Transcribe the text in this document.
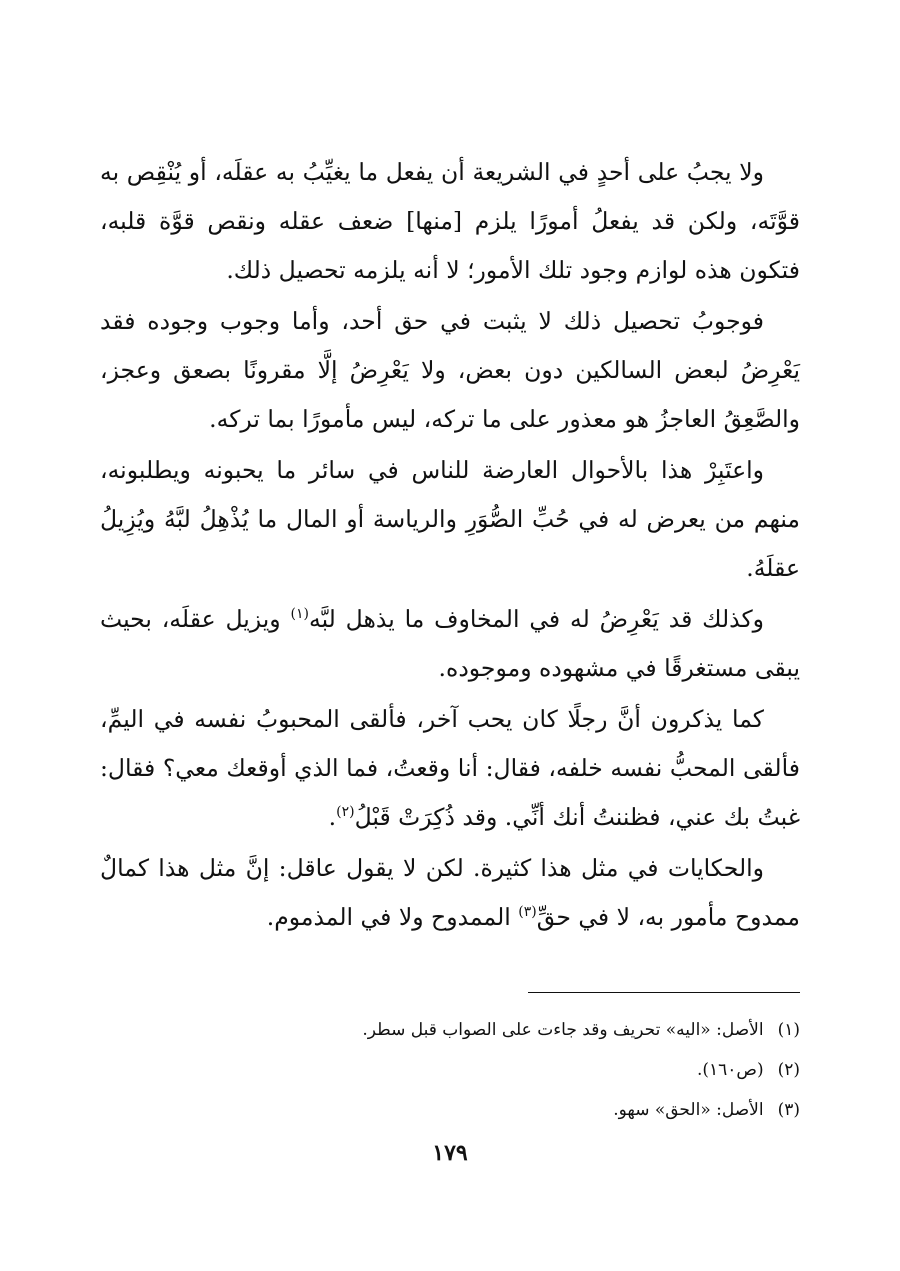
ولا يجبُ على أحدٍ في الشريعة أن يفعل ما يغيِّبُ به عقلَه، أو يُنْقِص به قوَّتَه، ولكن قد يفعلُ أمورًا يلزم [منها] ضعف عقله ونقص قوَّة قلبه، فتكون هذه لوازم وجود تلك الأمور؛ لا أنه يلزمه تحصيل ذلك.

فوجوبُ تحصيل ذلك لا يثبت في حق أحد، وأما وجوب وجوده فقد يَعْرِضُ لبعض السالكين دون بعض، ولا يَعْرِضُ إلَّا مقرونًا بصعق وعجز، والصَّعِقُ العاجزُ هو معذور على ما تركه، ليس مأمورًا بما تركه.

واعتَبِرْ هذا بالأحوال العارضة للناس في سائر ما يحبونه ويطلبونه، منهم من يعرض له في حُبِّ الصُّوَرِ والرياسة أو المال ما يُذْهِلُ لبَّهُ ويُزِيلُ عقلَهُ.

وكذلك قد يَعْرِضُ له في المخاوف ما يذهل لبَّه$^{(١)}$ ويزيل عقلَه، بحيث يبقى مستغرقًا في مشهوده وموجوده.

كما يذكرون أنَّ رجلًا كان يحب آخر، فألقى المحبوبُ نفسه في اليمِّ، فألقى المحبُّ نفسه خلفه، فقال: أنا وقعتُ، فما الذي أوقعك معي؟ فقال: غبتُ بك عني، فظننتُ أنك أنِّي. وقد ذُكِرَتْ قَبْلُ$^{(٢)}$.

والحكايات في مثل هذا كثيرة. لكن لا يقول عاقل: إنَّ مثل هذا كمالٌ ممدوح مأمور به، لا في حقِّ$^{(٣)}$ الممدوح ولا في المذموم.

(١)
الأصل: «اليه» تحريف وقد جاءت على الصواب قبل سطر.
(٢)
(ص١٦٠).
(٣)
الأصل: «الحق» سهو.
١٧٩
